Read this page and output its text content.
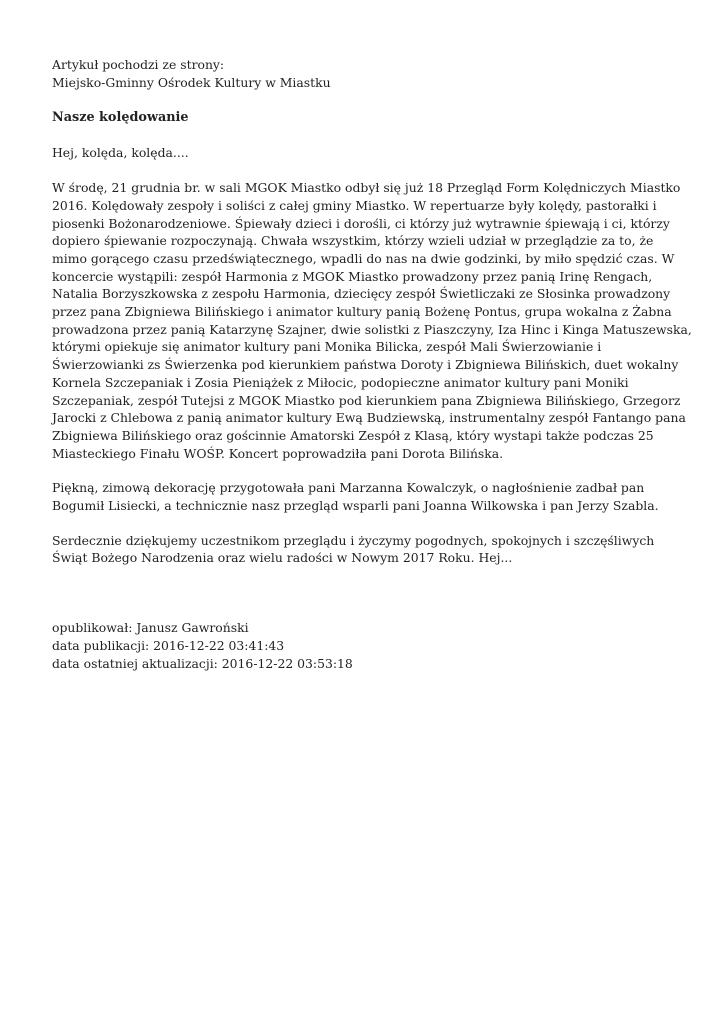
Artykuł pochodzi ze strony:
Miejsko-Gminny Ośrodek Kultury w Miastku
Nasze kolędowanie
Hej, kolęda, kolęda....
W środę, 21 grudnia br. w sali MGOK Miastko odbył się już 18 Przegląd Form Kolędniczych Miastko
2016. Kolędowały zespoły i soliści z całej gminy Miastko. W repertuarze były kolędy, pastorałki i
piosenki Bożonarodzeniowe. Śpiewały dzieci i dorośli, ci którzy już wytrawnie śpiewają i ci, którzy
dopiero śpiewanie rozpoczynają. Chwała wszystkim, którzy wzieli udział w przeglądzie za to, że
mimo gorącego czasu przedświątecznego, wpadli do nas na dwie godzinki, by miło spędzić czas. W
koncercie wystąpili: zespół Harmonia z MGOK Miastko prowadzony przez panią Irinę Rengach,
Natalia Borzyszkowska z zespołu Harmonia, dziecięcy zespół Świetliczaki ze Słosinka prowadzony
przez pana Zbigniewa Bilińskiego i animator kultury panią Bożenę Pontus, grupa wokalna z Żabna
prowadzona przez panią Katarzynę Szajner, dwie solistki z Piaszczyny, Iza Hinc i Kinga Matuszewska,
którymi opiekuje się animator kultury pani Monika Bilicka, zespół Mali Świerzowianie i
Świerzowianki zs Świerzenka pod kierunkiem państwa Doroty i Zbigniewa Bilińskich, duet wokalny
Kornela Szczepaniak i Zosia Pieniążek z Miłocic, podopieczne animator kultury pani Moniki
Szczepaniak, zespół Tutejsi z MGOK Miastko pod kierunkiem pana Zbigniewa Bilińskiego, Grzegorz
Jarocki z Chlebowa z panią animator kultury Ewą Budziewską, instrumentalny zespół Fantango pana
Zbigniewa Bilińskiego oraz gościnnie Amatorski Zespół z Klasą, który wystapi także podczas 25
Miasteckiego Finału WOŚP. Koncert poprowadziła pani Dorota Bilińska.
Piękną, zimową dekorację przygotowała pani Marzanna Kowalczyk, o nagłośnienie zadbał pan
Bogumił Lisiecki, a technicznie nasz przegląd wsparli pani Joanna Wilkowska i pan Jerzy Szabla.
Serdecznie dziękujemy uczestnikom przeglądu i życzymy pogodnych, spokojnych i szczęśliwych
Świąt Bożego Narodzenia oraz wielu radości w Nowym 2017 Roku. Hej...
opublikował: Janusz Gawroński
data publikacji: 2016-12-22 03:41:43
data ostatniej aktualizacji: 2016-12-22 03:53:18
